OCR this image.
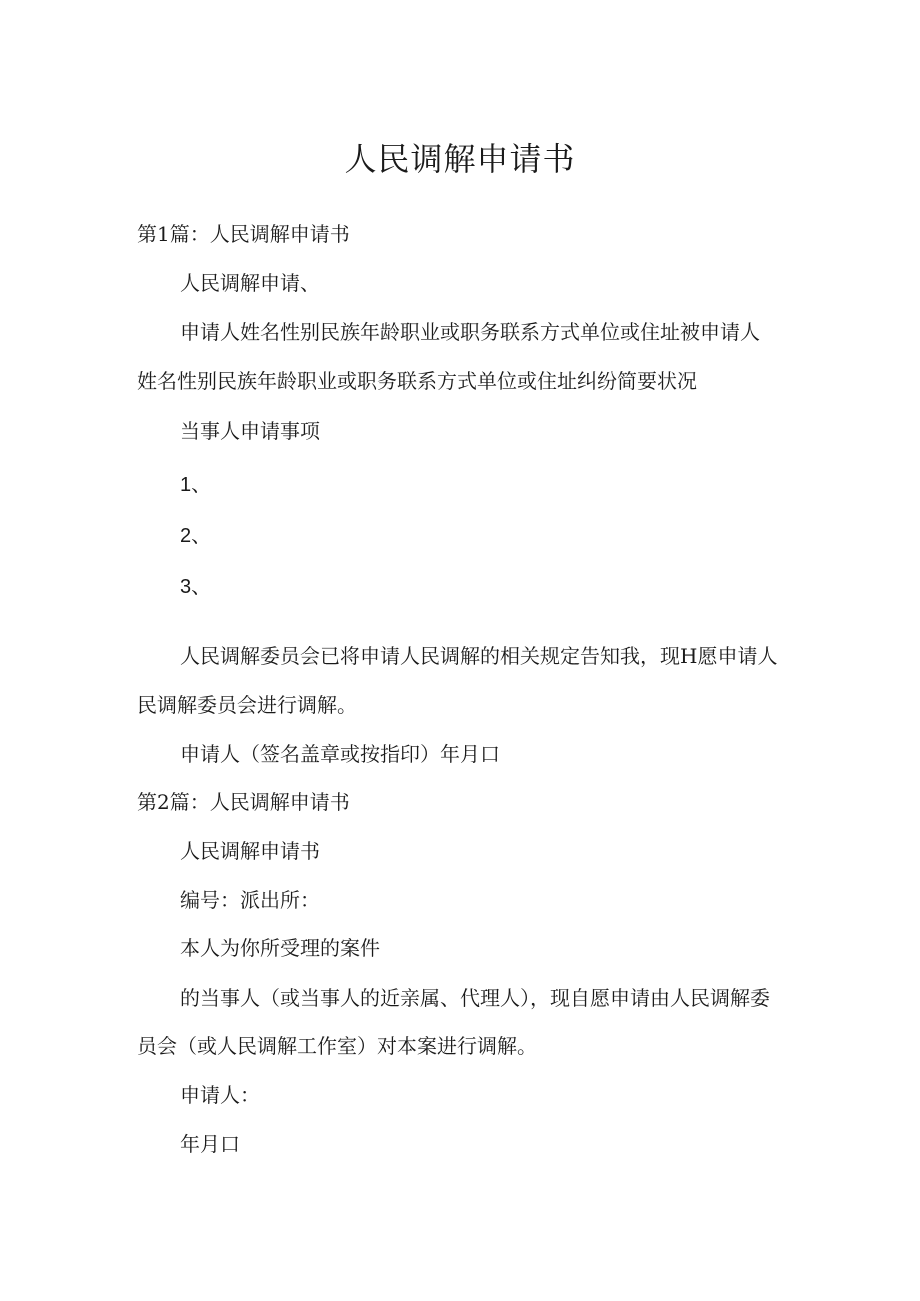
人民调解申请书

第1篇：人民调解申请书

人民调解申请、

申请人姓名性别民族年龄职业或职务联系方式单位或住址被申请人

姓名性别民族年龄职业或职务联系方式单位或住址纠纷简要状况

当事人申请事项

1、

2、

3、

人民调解委员会已将申请人民调解的相关规定告知我，现H愿申请人

民调解委员会进行调解。

申请人（签名盖章或按指印）年月口

第2篇：人民调解申请书

人民调解申请书

编号：派出所：

本人为你所受理的案件

的当事人（或当事人的近亲属、代理人），现自愿申请由人民调解委

员会（或人民调解工作室）对本案进行调解。

申请人：

年月口
